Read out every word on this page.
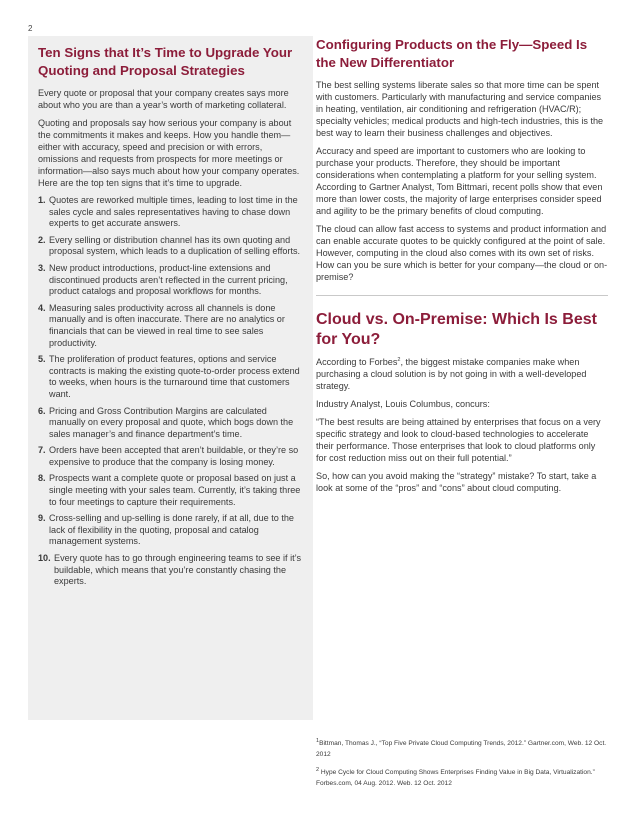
2
Ten Signs that It’s Time to Upgrade Your Quoting and Proposal Strategies

Every quote or proposal that your company creates says more about who you are than a year’s worth of marketing collateral.

Quoting and proposals say how serious your company is about the commitments it makes and keeps. How you handle them—either with accuracy, speed and precision or with errors, omissions and requests from prospects for more meetings or information—also says much about how your company operates. Here are the top ten signs that it’s time to upgrade.

1. Quotes are reworked multiple times, leading to lost time in the sales cycle and sales representatives having to chase down experts to get accurate answers.
2. Every selling or distribution channel has its own quoting and proposal system, which leads to a duplication of selling efforts.
3. New product introductions, product-line extensions and discontinued products aren’t reflected in the current pricing, product catalogs and proposal workflows for months.
4. Measuring sales productivity across all channels is done manually and is often inaccurate. There are no analytics or financials that can be viewed in real time to see sales productivity.
5. The proliferation of product features, options and service contracts is making the existing quote-to-order process extend to weeks, when hours is the turnaround time that customers want.
6. Pricing and Gross Contribution Margins are calculated manually on every proposal and quote, which bogs down the sales manager’s and finance department’s time.
7. Orders have been accepted that aren’t buildable, or they’re so expensive to produce that the company is losing money.
8. Prospects want a complete quote or proposal based on just a single meeting with your sales team. Currently, it’s taking three to four meetings to capture their requirements.
9. Cross-selling and up-selling is done rarely, if at all, due to the lack of flexibility in the quoting, proposal and catalog management systems.
10. Every quote has to go through engineering teams to see if it’s buildable, which means that you’re constantly chasing the experts.
Configuring Products on the Fly—Speed Is the New Differentiator

The best selling systems liberate sales so that more time can be spent with customers. Particularly with manufacturing and service companies in heating, ventilation, air conditioning and refrigeration (HVAC/R); specialty vehicles; medical products and high-tech industries, this is the best way to learn their business challenges and objectives.

Accuracy and speed are important to customers who are looking to purchase your products. Therefore, they should be important considerations when contemplating a platform for your selling system. According to Gartner Analyst, Tom Bittmari, recent polls show that even more than lower costs, the majority of large enterprises consider speed and agility to be the primary benefits of cloud computing.

The cloud can allow fast access to systems and product information and can enable accurate quotes to be quickly configured at the point of sale. However, computing in the cloud also comes with its own set of risks. How can you be sure which is better for your company—the cloud or on-premise?

Cloud vs. On-Premise: Which Is Best for You?

According to Forbes$^2$, the biggest mistake companies make when purchasing a cloud solution is by not going in with a well-developed strategy.

Industry Analyst, Louis Columbus, concurs:

“The best results are being attained by enterprises that focus on a very specific strategy and look to cloud-based technologies to accelerate their performance. Those enterprises that look to cloud platforms only for cost reduction miss out on their full potential.”

So, how can you avoid making the “strategy” mistake? To start, take a look at some of the “pros” and “cons” about cloud computing.

$^1$Bittman, Thomas J., “Top Five Private Cloud Computing Trends, 2012.” Gartner.com, Web. 12 Oct. 2012

$^2$ Hype Cycle for Cloud Computing Shows Enterprises Finding Value in Big Data, Virtualization.” Forbes.com, 04 Aug. 2012. Web. 12 Oct. 2012
